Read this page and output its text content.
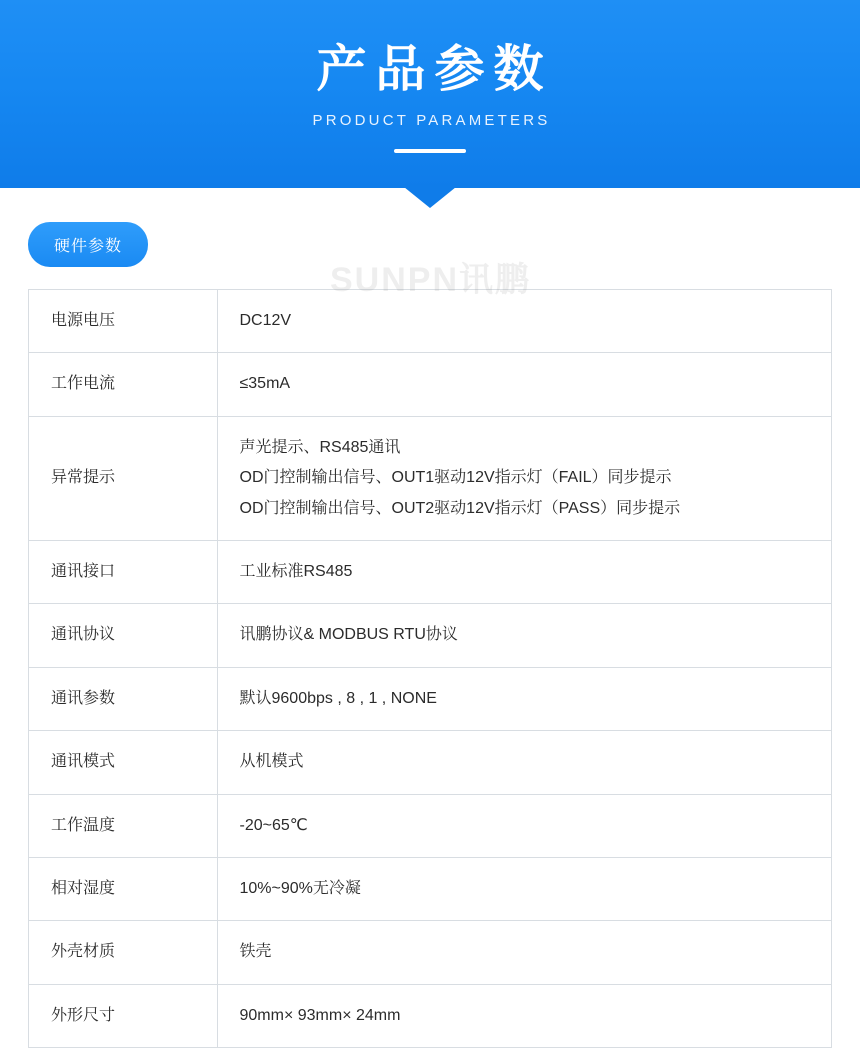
产品参数
PRODUCT PARAMETERS
硬件参数
电源电压	DC12V
工作电流	≤35mA
异常提示	声光提示、RS485通讯
OD门控制输出信号、OUT1驱动12V指示灯（FAIL）同步提示
OD门控制输出信号、OUT2驱动12V指示灯（PASS）同步提示

通讯接口	工业标准RS485
通讯协议	讯鹏协议& MODBUS RTU协议
通讯参数	默认9600bps , 8 , 1 , NONE
通讯模式	从机模式
工作温度	-20~65℃
相对湿度	10%~90%无冷凝
外壳材质	铁壳
外形尺寸	90mm× 93mm× 24mm
SUNPN讯鹏
